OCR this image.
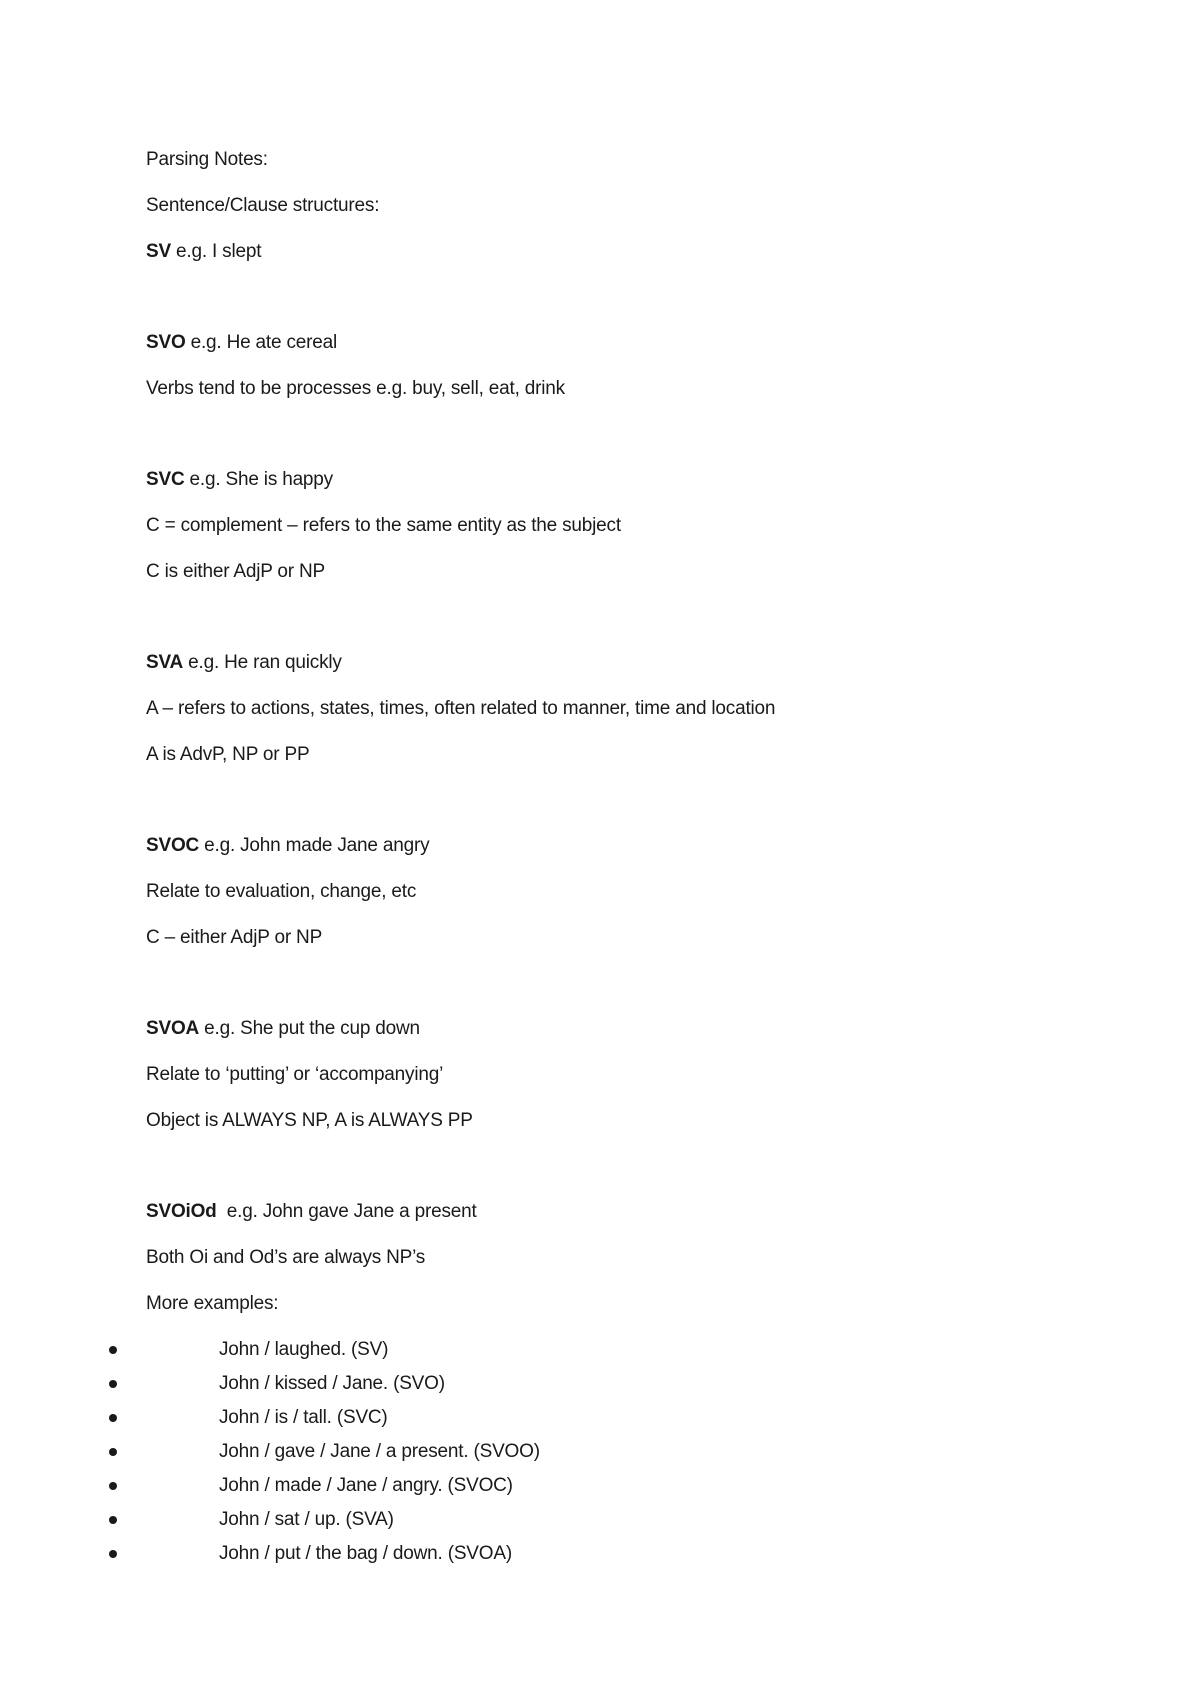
Parsing Notes:
Sentence/Clause structures:
SV e.g. I slept
SVO e.g. He ate cereal
Verbs tend to be processes e.g. buy, sell, eat, drink
SVC e.g. She is happy
C = complement – refers to the same entity as the subject
C is either AdjP or NP
SVA e.g. He ran quickly
A – refers to actions, states, times, often related to manner, time and location
A is AdvP, NP or PP
SVOC e.g. John made Jane angry
Relate to evaluation, change, etc
C – either AdjP or NP
SVOA e.g. She put the cup down
Relate to ‘putting’ or ‘accompanying’
Object is ALWAYS NP, A is ALWAYS PP
SVOiOd  e.g. John gave Jane a present
Both Oi and Od’s are always NP’s
More examples:
John / laughed. (SV)
John / kissed / Jane. (SVO)
John / is / tall. (SVC)
John / gave / Jane / a present. (SVOO)
John / made / Jane / angry. (SVOC)
John / sat / up. (SVA)
John / put / the bag / down. (SVOA)
